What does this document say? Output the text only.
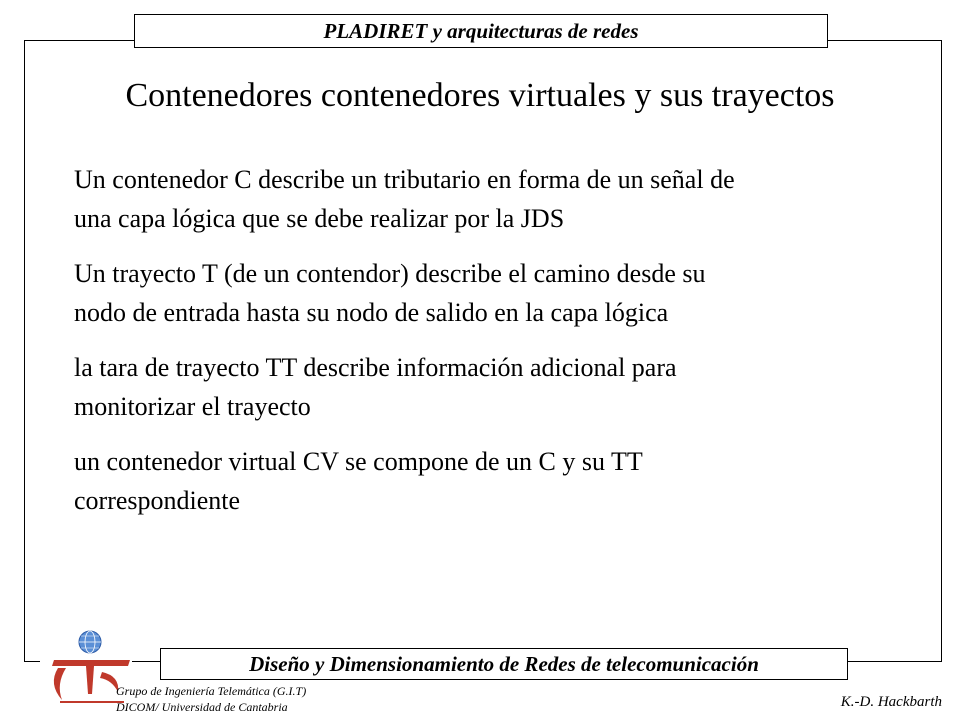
PLADIRET y arquitecturas de redes
Contenedores contenedores virtuales y sus trayectos
Un contenedor C describe un tributario en forma de un señal de
una capa lógica que se debe realizar por la JDS
Un trayecto T (de un contendor) describe el camino desde su
nodo de entrada hasta su nodo de salido en la capa lógica
la tara de trayecto TT describe información adicional para
monitorizar el trayecto
un contenedor virtual CV se compone de un C y su TT
correspondiente
Diseño y Dimensionamiento de Redes de telecomunicación
Grupo de Ingeniería Telemática (G.I.T)
DICOM/ Universidad de Cantabria	K.-D. Hackbarth
